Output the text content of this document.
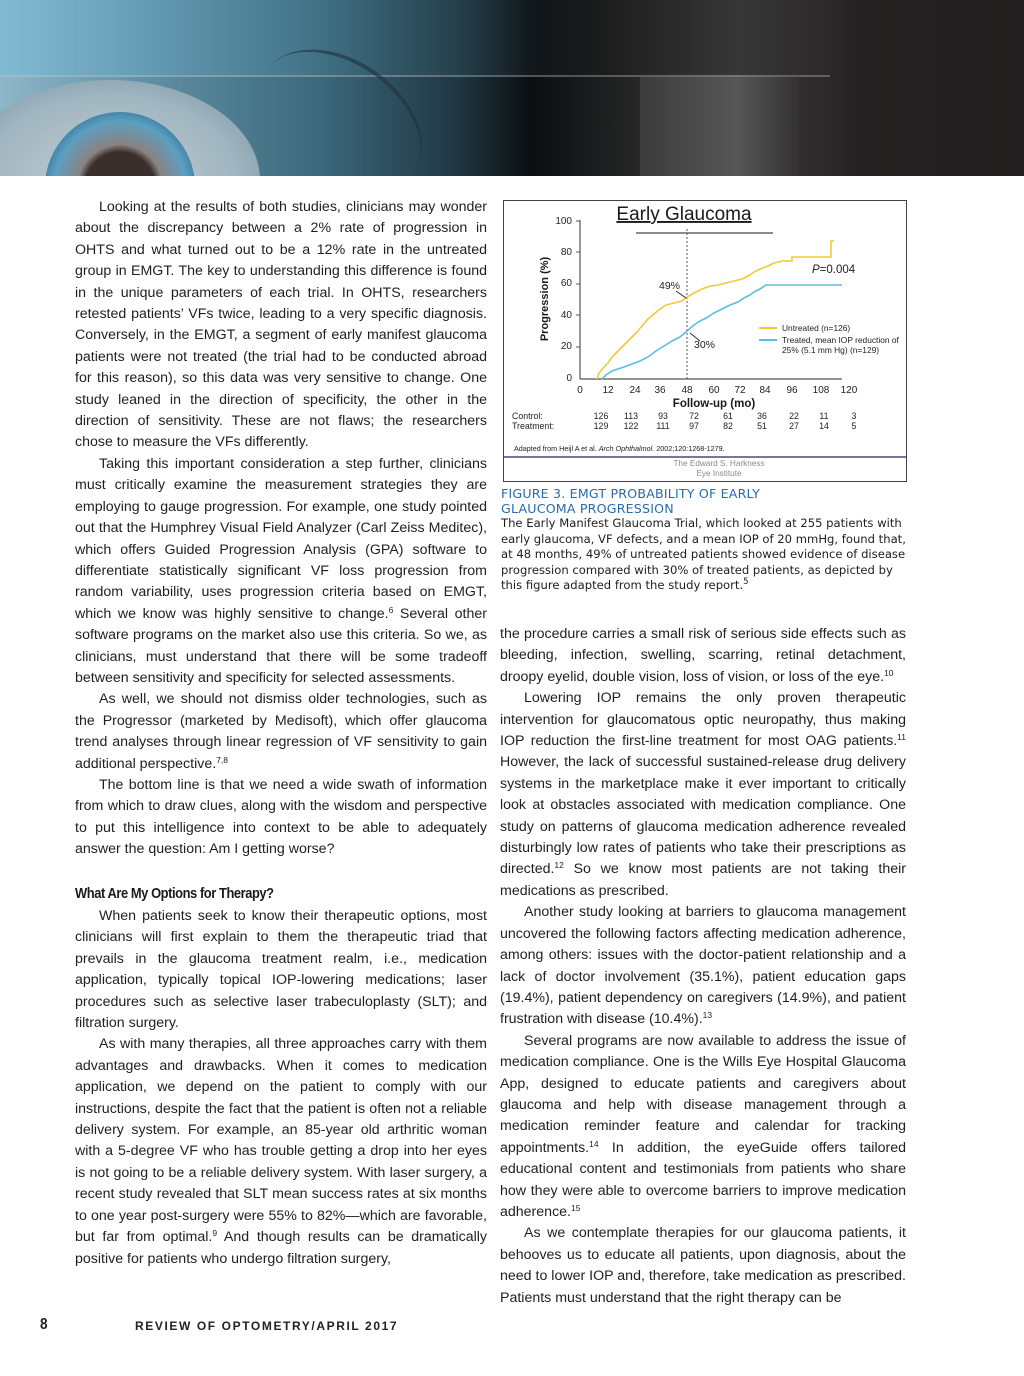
Looking at the results of both studies, clinicians may wonder about the discrepancy between a 2% rate of progression in OHTS and what turned out to be a 12% rate in the untreated group in EMGT. The key to understanding this difference is found in the unique parameters of each trial. In OHTS, researchers retested patients’ VFs twice, leading to a very specific diagnosis. Conversely, in the EMGT, a segment of early manifest glaucoma patients were not treated (the trial had to be conducted abroad for this reason), so this data was very sensitive to change. One study leaned in the direction of specificity, the other in the direction of sensitivity. These are not flaws; the researchers chose to measure the VFs differently.

Taking this important consideration a step further, clinicians must critically examine the measurement strategies they are employing to gauge progression. For example, one study pointed out that the Humphrey Visual Field Analyzer (Carl Zeiss Meditec), which offers Guided Progression Analysis (GPA) software to differentiate statistically significant VF loss progression from random variability, uses progression criteria based on EMGT, which we know was highly sensitive to change.$^6$ Several other software programs on the market also use this criteria. So we, as clinicians, must understand that there will be some tradeoff between sensitivity and specificity for selected assessments.

As well, we should not dismiss older technologies, such as the Progressor (marketed by Medisoft), which offer glaucoma trend analyses through linear regression of VF sensitivity to gain additional perspective.$^{7,8}$

The bottom line is that we need a wide swath of information from which to draw clues, along with the wisdom and perspective to put this intelligence into context to be able to adequately answer the question: Am I getting worse?

What Are My Options for Therapy?

When patients seek to know their therapeutic options, most clinicians will first explain to them the therapeutic triad that prevails in the glaucoma treatment realm, i.e., medication application, typically topical IOP-lowering medications; laser procedures such as selective laser trabeculoplasty (SLT); and filtration surgery.

As with many therapies, all three approaches carry with them advantages and drawbacks. When it comes to medication application, we depend on the patient to comply with our instructions, despite the fact that the patient is often not a reliable delivery system. For example, an 85-year old arthritic woman with a 5-degree VF who has trouble getting a drop into her eyes is not going to be a reliable delivery system. With laser surgery, a recent study revealed that SLT mean success rates at six months to one year post-surgery were 55% to 82%—which are favorable, but far from optimal.$^9$ And though results can be dramatically positive for patients who undergo filtration surgery,

Early Glaucoma
100
80
60
40
20
0
0 12 24 36 48 60 72 84 96 108 120
Follow-up (mo)
Progression (%)	49%
30%
P=0.004
Untreated (n=126)
Treated, mean IOP reduction of
25% (5.1 mm Hg) (n=129)
Control:
Treatment:
126 113 93 72	61	36	22 11	3
129 122 111 97	82	51	27 14	5
Adapted from Heijl A et al. Arch Ophthalmol. 2002;120:1268-1279.
The Edward S. Harkness
Eye Institute
FIGURE 3. EMGT PROBABILITY OF EARLY
GLAUCOMA PROGRESSION
The Early Manifest Glaucoma Trial, which looked at 255 patients with early glaucoma, VF defects, and a mean IOP of 20 mmHg, found that, at 48 months, 49% of untreated patients showed evidence of disease progression compared with 30% of treated patients, as depicted by this figure adapted from the study report.$^5$

the procedure carries a small risk of serious side effects such as bleeding, infection, swelling, scarring, retinal detachment, droopy eyelid, double vision, loss of vision, or loss of the eye.$^{10}$

Lowering IOP remains the only proven therapeutic intervention for glaucomatous optic neuropathy, thus making IOP reduction the first-line treatment for most OAG patients.$^{11}$ However, the lack of successful sustained-release drug delivery systems in the marketplace make it ever important to critically look at obstacles associated with medication compliance. One study on patterns of glaucoma medication adherence revealed disturbingly low rates of patients who take their prescriptions as directed.$^{12}$ So we know most patients are not taking their medications as prescribed.

Another study looking at barriers to glaucoma management uncovered the following factors affecting medication adherence, among others: issues with the doctor-patient relationship and a lack of doctor involvement (35.1%), patient education gaps (19.4%), patient dependency on caregivers (14.9%), and patient frustration with disease (10.4%).$^{13}$

Several programs are now available to address the issue of medication compliance. One is the Wills Eye Hospital Glaucoma App, designed to educate patients and caregivers about glaucoma and help with disease management through a medication reminder feature and calendar for tracking appointments.$^{14}$ In addition, the eyeGuide offers tailored educational content and testimonials from patients who share how they were able to overcome barriers to improve medication adherence.$^{15}$

As we contemplate therapies for our glaucoma patients, it behooves us to educate all patients, upon diagnosis, about the need to lower IOP and, therefore, take medication as prescribed. Patients must understand that the right therapy can be

8	REVIEW OF OPTOMETRY/APRIL 2017
